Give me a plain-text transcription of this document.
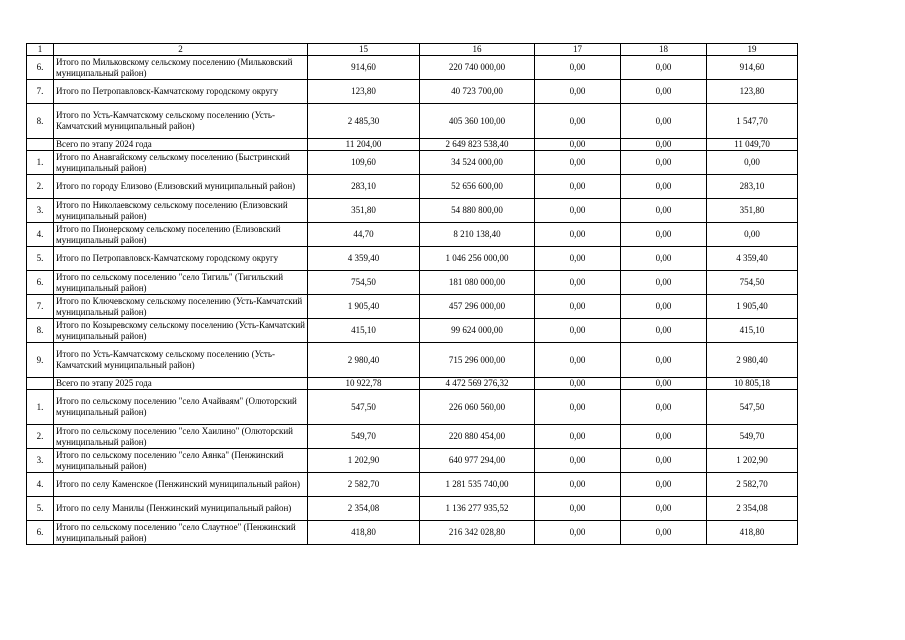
1	2	15	16	17	18	19
6.	Итого по Мильковскому сельскому поселению (Мильковский муниципальный район)	914,60	220 740 000,00	0,00	0,00	914,60
7.	Итого по Петропавловск-Камчатскому городскому округу	123,80	40 723 700,00	0,00	0,00	123,80
8.	Итого по Усть-Камчатскому сельскому поселению (Усть-Камчатский муниципальный район)	2 485,30	405 360 100,00	0,00	0,00	1 547,70
	Всего по этапу 2024 года	11 204,00	2 649 823 538,40	0,00	0,00	11 049,70
1.	Итого по Анавгайскому сельскому поселению (Быстринский муниципальный район)	109,60	34 524 000,00	0,00	0,00	0,00
2.	Итого по городу Елизово (Елизовский муниципальный район)	283,10	52 656 600,00	0,00	0,00	283,10
3.	Итого по Николаевскому сельскому поселению (Елизовский муниципальный район)	351,80	54 880 800,00	0,00	0,00	351,80
4.	Итого по Пионерскому сельскому поселению (Елизовский муниципальный район)	44,70	8 210 138,40	0,00	0,00	0,00
5.	Итого по Петропавловск-Камчатскому городскому округу	4 359,40	1 046 256 000,00	0,00	0,00	4 359,40
6.	Итого по сельскому поселению "село Тигиль" (Тигильский муниципальный район)	754,50	181 080 000,00	0,00	0,00	754,50
7.	Итого по Ключевскому сельскому поселению (Усть-Камчатский муниципальный район)	1 905,40	457 296 000,00	0,00	0,00	1 905,40
8.	Итого по Козыревскому сельскому поселению (Усть-Камчатский муниципальный район)	415,10	99 624 000,00	0,00	0,00	415,10
9.	Итого по Усть-Камчатскому сельскому поселению (Усть-Камчатский муниципальный район)	2 980,40	715 296 000,00	0,00	0,00	2 980,40
	Всего по этапу 2025 года	10 922,78	4 472 569 276,32	0,00	0,00	10 805,18
1.	Итого по сельскому поселению "село Ачайваям" (Олюторский муниципальный район)	547,50	226 060 560,00	0,00	0,00	547,50
2.	Итого по сельскому поселению "село Хаилино" (Олюторский муниципальный район)	549,70	220 880 454,00	0,00	0,00	549,70
3.	Итого по сельскому поселению "село Аянка" (Пенжинский муниципальный район)	1 202,90	640 977 294,00	0,00	0,00	1 202,90
4.	Итого по селу Каменское (Пенжинский муниципальный район)	2 582,70	1 281 535 740,00	0,00	0,00	2 582,70
5.	Итого по селу Манилы (Пенжинский муниципальный район)	2 354,08	1 136 277 935,52	0,00	0,00	2 354,08
6.	Итого по сельскому поселению "село Слаутное" (Пенжинский муниципальный район)	418,80	216 342 028,80	0,00	0,00	418,80
